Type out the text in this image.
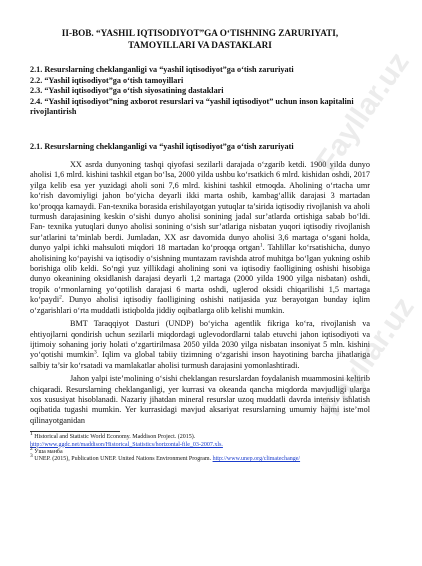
Fayllar.uz
Fayllar.uz
II-BOB. “YASHIL IQTISODIYOT”GA O‘TISHNING ZARURIYATI, TAMOYILLARI VA DASTAKLARI
2.1. Resurslarning cheklanganligi va “yashil iqtisodiyot”ga o‘tish zaruriyati
2.2. “Yashil iqtisodiyot”ga o‘tish tamoyillari
2.3. “Yashil iqtisodiyot”ga o‘tish siyosatining dastaklari
2.4. “Yashil iqtisodiyot”ning axborot resurslari va “yashil iqtisodiyot” uchun inson kapitalini rivojlantirish
2.1. Resurslarning cheklanganligi va “yashil iqtisodiyot”ga o‘tish zaruriyati

XX asrda dunyoning tashqi qiyofasi sezilarli darajada o‘zgarib ketdi. 1900 yilda dunyo aholisi 1,6 mlrd. kishini tashkil etgan bo‘lsa, 2000 yilda ushbu ko‘rsatkich 6 mlrd. kishidan oshdi, 2017 yilga kelib esa yer yuzidagi aholi soni 7,6 mlrd. kishini tashkil etmoqda. Aholining o‘rtacha umr ko‘rish davomiyligi jahon bo‘yicha deyarli ikki marta oshib, kambag‘allik darajasi 3 martadan ko‘proqqa kamaydi. Fan-texnika borasida erishilayotgan yutuqlar ta’sirida iqtisodiy rivojlanish va aholi turmush darajasining keskin o‘sishi dunyo aholisi sonining jadal sur’atlarda ortishiga sabab bo‘ldi. Fan- texnika yutuqlari dunyo aholisi sonining o‘sish sur’atlariga nisbatan yuqori iqtisodiy rivojlanish sur’atlarini ta’minlab berdi. Jumladan, XX asr davomida dunyo aholisi 3,6 martaga o‘sgani holda, dunyo yalpi ichki mahsuloti miqdori 18 martadan ko‘proqqa ortgan$^1$. Tahlillar ko‘rsatishicha, dunyo aholisining ko‘payishi va iqtisodiy o‘sishning muntazam ravishda atrof muhitga bo‘lgan yukning oshib borishiga olib keldi. So‘ngi yuz yillikdagi aholining soni va iqtisodiy faolligining oshishi hisobiga dunyo okeanining oksidlanish darajasi deyarli 1,2 martaga (2000 yilda 1900 yilga nisbatan) oshdi, tropik o‘rmonlarning yo‘qotilish darajasi 6 marta oshdi, uglerod oksidi chiqarilishi 1,5 martaga ko‘paydi$^2$. Dunyo aholisi iqtisodiy faolligining oshishi natijasida yuz berayotgan bunday iqlim o‘zgarishlari o‘rta muddatli istiqbolda jiddiy oqibatlarga olib kelishi mumkin.

BMT Taraqqiyot Dasturi (UNDP) bo‘yicha agentlik fikriga ko‘ra, rivojlanish va ehtiyojlarni qondirish uchun sezilarli miqdordagi uglevodordlarni talab etuvchi jahon iqtisodiyoti va ijtimoiy sohaning joriy holati o‘zgartirilmasa 2050 yilda 2030 yilga nisbatan insoniyat 5 mln. kishini yo‘qotishi mumkin$^3$. Iqlim va global tabiiy tizimning o‘zgarishi inson hayotining barcha jihatlariga salbiy ta’sir ko‘rsatadi va mamlakatlar aholisi turmush darajasini yomonlashtiradi.

Jahon yalpi iste’molining o‘sishi cheklangan resurslardan foydalanish muammosini keltirib chiqaradi. Resurslarning cheklanganligi, yer kurrasi va okeanda qancha miqdorda mavjudligi ularga xos xususiyat hisoblanadi. Nazariy jihatdan mineral resurslar uzoq muddatli davrda intensiv ishlatish oqibatida tugashi mumkin. Yer kurrasidagi mavjud aksariyat resurslarning umumiy hajmi iste’mol qilinayotganidan

$^1$ Historical and Statistic World Economy. Maddison Project. (2015).
http://www.ggdc.net/maddison/Historical_Statistics/horizontal-file_03-2007.xls.
$^2$ Ўша манба
$^3$ UNEP. (2015), Publication UNEP. United Nations Environment Program. http://www.unep.org/climatechange/
